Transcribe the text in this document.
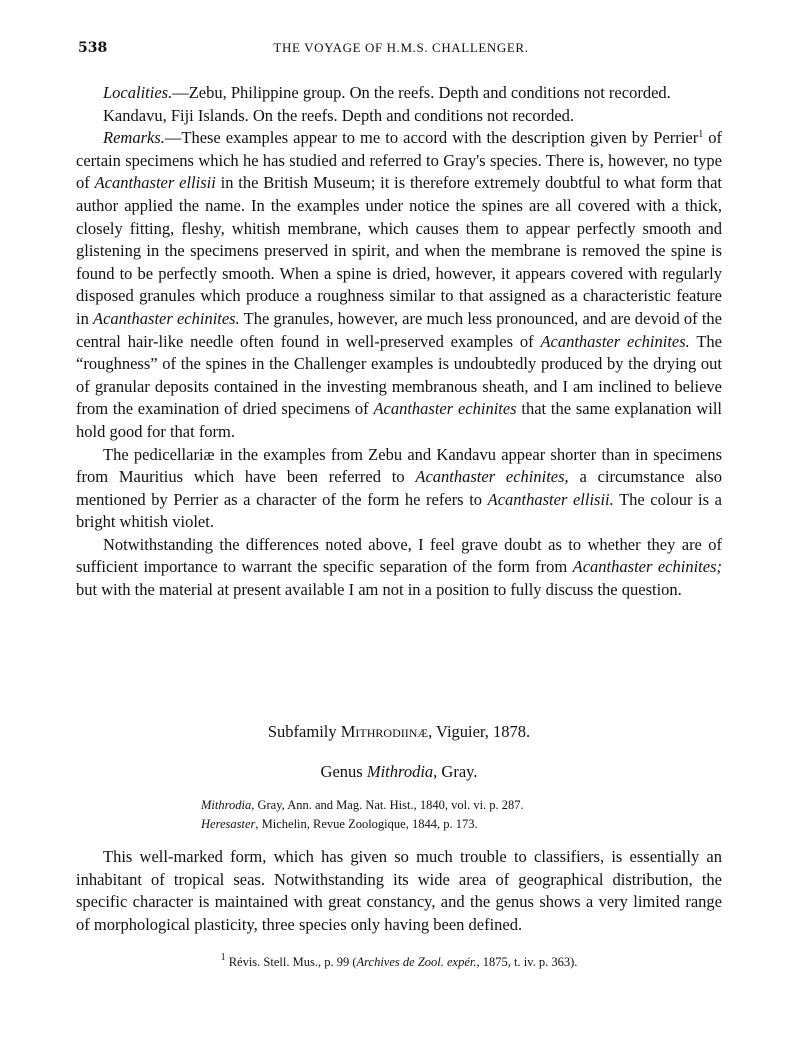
538	THE VOYAGE OF H.M.S. CHALLENGER.

Localities.—Zebu, Philippine group. On the reefs. Depth and conditions not recorded.

Kandavu, Fiji Islands. On the reefs. Depth and conditions not recorded.

Remarks.—These examples appear to me to accord with the description given by Perrier$^1$ of certain specimens which he has studied and referred to Gray's species. There is, however, no type of Acanthaster ellisii in the British Museum; it is therefore extremely doubtful to what form that author applied the name. In the examples under notice the spines are all covered with a thick, closely fitting, fleshy, whitish membrane, which causes them to appear perfectly smooth and glistening in the specimens preserved in spirit, and when the membrane is removed the spine is found to be perfectly smooth. When a spine is dried, however, it appears covered with regularly disposed granules which produce a roughness similar to that assigned as a characteristic feature in Acanthaster echinites. The granules, however, are much less pronounced, and are devoid of the central hair-like needle often found in well-preserved examples of Acanthaster echinites. The “roughness” of the spines in the Challenger examples is undoubtedly produced by the drying out of granular deposits contained in the investing membranous sheath, and I am inclined to believe from the examination of dried specimens of Acanthaster echinites that the same explanation will hold good for that form.

The pedicellariæ in the examples from Zebu and Kandavu appear shorter than in specimens from Mauritius which have been referred to Acanthaster echinites, a circumstance also mentioned by Perrier as a character of the form he refers to Acanthaster ellisii. The colour is a bright whitish violet.

Notwithstanding the differences noted above, I feel grave doubt as to whether they are of sufficient importance to warrant the specific separation of the form from Acanthaster echinites; but with the material at present available I am not in a position to fully discuss the question.

Subfamily Mithrodiinæ, Viguier, 1878.
Genus Mithrodia, Gray.
Mithrodia, Gray, Ann. and Mag. Nat. Hist., 1840, vol. vi. p. 287.
Heresaster, Michelin, Revue Zoologique, 1844, p. 173.

This well-marked form, which has given so much trouble to classifiers, is essentially an inhabitant of tropical seas. Notwithstanding its wide area of geographical distribution, the specific character is maintained with great constancy, and the genus shows a very limited range of morphological plasticity, three species only having been defined.

$^1$ Révis. Stell. Mus., p. 99 (Archives de Zool. expér., 1875, t. iv. p. 363).
